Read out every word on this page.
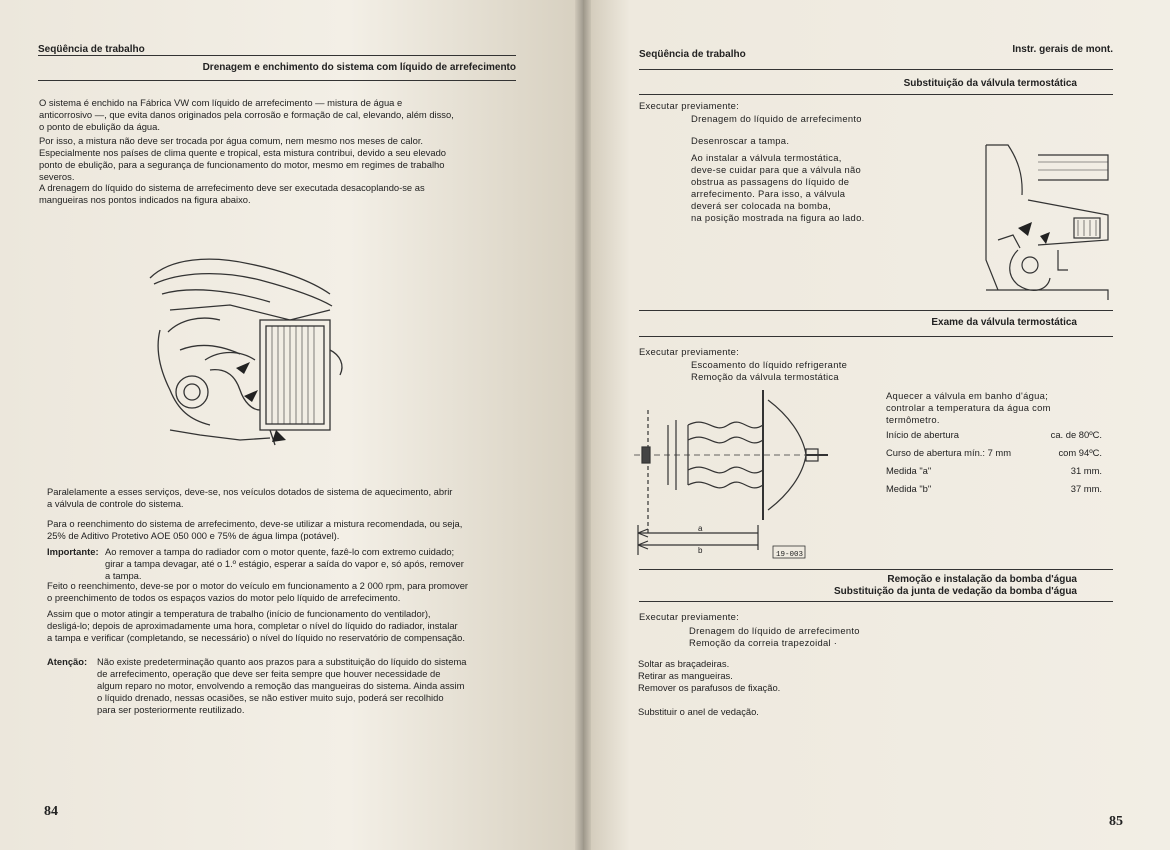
Seqüência de trabalho
Drenagem e enchimento do sistema com líquido de arrefecimento
O sistema é enchido na Fábrica VW com líquido de arrefecimento — mistura de água e
anticorrosivo —, que evita danos originados pela corrosão e formação de cal, elevando, além disso,
o ponto de ebulição da água.
Por isso, a mistura não deve ser trocada por água comum, nem mesmo nos meses de calor.
Especialmente nos países de clima quente e tropical, esta mistura contribui, devido a seu elevado
ponto de ebulição, para a segurança de funcionamento do motor, mesmo em regimes de trabalho
severos.
A drenagem do líquido do sistema de arrefecimento deve ser executada desacoplando-se as
mangueiras nos pontos indicados na figura abaixo.
Paralelamente a esses serviços, deve-se, nos veículos dotados de sistema de aquecimento, abrir
a válvula de controle do sistema.
Para o reenchimento do sistema de arrefecimento, deve-se utilizar a mistura recomendada, ou seja,
25% de Aditivo Protetivo AOE 050 000 e 75% de água limpa (potável).
Importante: Ao remover a tampa do radiador com o motor quente, fazê-lo com extremo cuidado;
girar a tampa devagar, até o 1.º estágio, esperar a saída do vapor e, só após, remover
a tampa.
Feito o reenchimento, deve-se por o motor do veículo em funcionamento a 2 000 rpm, para promover
o preenchimento de todos os espaços vazios do motor pelo líquido de arrefecimento.
Assim que o motor atingir a temperatura de trabalho (início de funcionamento do ventilador),
desligá-lo; depois de aproximadamente uma hora, completar o nível do líquido do radiador, instalar
a tampa e verificar (completando, se necessário) o nível do líquido no reservatório de compensação.
Atenção: Não existe predeterminação quanto aos prazos para a substituição do líquido do sistema
de arrefecimento, operação que deve ser feita sempre que houver necessidade de
algum reparo no motor, envolvendo a remoção das mangueiras do sistema. Ainda assim
o líquido drenado, nessas ocasiões, se não estiver muito sujo, poderá ser recolhido
para ser posteriormente reutilizado.
84
Seqüência de trabalho	Instr. gerais de mont.
Substituição da válvula termostática
Executar previamente:
Drenagem do líquido de arrefecimento
Desenroscar a tampa.
Ao instalar a válvula termostática,
deve-se cuidar para que a válvula não
obstrua as passagens do líquido de
arrefecimento. Para isso, a válvula
deverá ser colocada na bomba,
na posição mostrada na figura ao lado.
Exame da válvula termostática
Executar previamente:
Escoamento do líquido refrigerante
Remoção da válvula termostática
a
b	19-003
Aquecer a válvula em banho d'água;
controlar a temperatura da água com
termômetro.
Início de abertura	ca. de 80ºC.
Curso de abertura mín.: 7 mm	com 94ºC.
Medida "a"	31 mm.
Medida "b"	37 mm.
Remoção e instalação da bomba d'água
Substituição da junta de vedação da bomba d'água
Executar previamente:
Drenagem do líquido de arrefecimento
Remoção da correia trapezoidal ·
Soltar as braçadeiras.
Retirar as mangueiras.
Remover os parafusos de fixação.
Substituir o anel de vedação.
85
